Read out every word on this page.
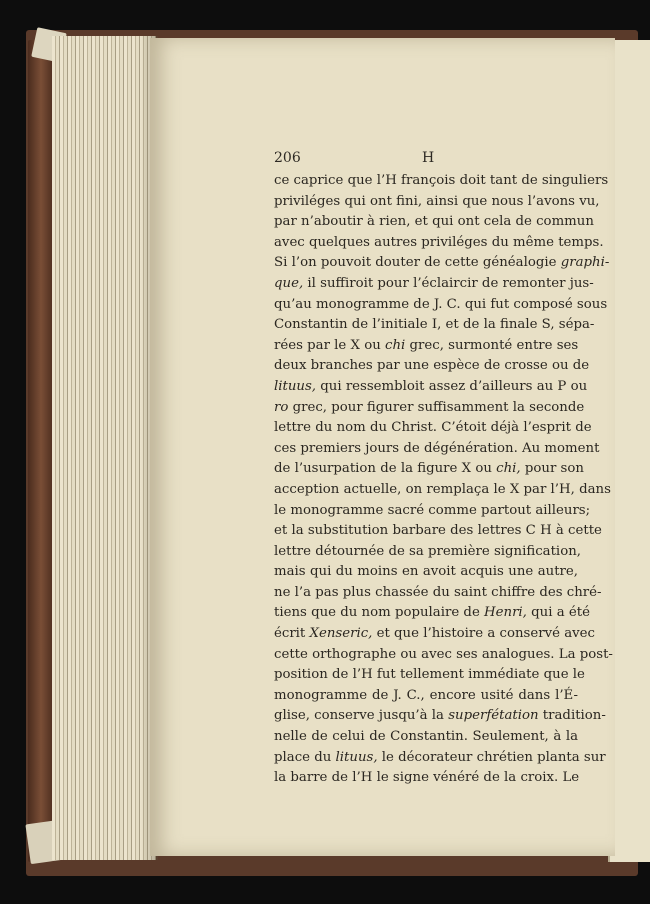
206	H
ce caprice que l’H françois doit tant de singuliers
priviléges qui ont fini, ainsi que nous l’avons vu,
par n’aboutir à rien, et qui ont cela de commun
avec quelques autres priviléges du même temps.
Si l’on pouvoit douter de cette généalogie graphi-
que, il suffiroit pour l’éclaircir de remonter jus-
qu’au monogramme de J. C. qui fut composé sous
Constantin de l’initiale I, et de la finale S, sépa-
rées par le X ou chi grec, surmonté entre ses
deux branches par une espèce de crosse ou de
lituus, qui ressembloit assez d’ailleurs au P ou
ro grec, pour figurer suffisamment la seconde
lettre du nom du Christ. C’étoit déjà l’esprit de
ces premiers jours de dégénération. Au moment
de l’usurpation de la figure X ou chi, pour son
acception actuelle, on remplaça le X par l’H, dans
le monogramme sacré comme partout ailleurs;
et la substitution barbare des lettres C H à cette
lettre détournée de sa première signification,
mais qui du moins en avoit acquis une autre,
ne l’a pas plus chassée du saint chiffre des chré-
tiens que du nom populaire de Henri, qui a été
écrit Xenseric, et que l’histoire a conservé avec
cette orthographe ou avec ses analogues. La post-
position de l’H fut tellement immédiate que le
monogramme de J. C., encore usité dans l’É-
glise, conserve jusqu’à la superfétation tradition-
nelle de celui de Constantin. Seulement, à la
place du lituus, le décorateur chrétien planta sur
la barre de l’H le signe vénéré de la croix. Le
